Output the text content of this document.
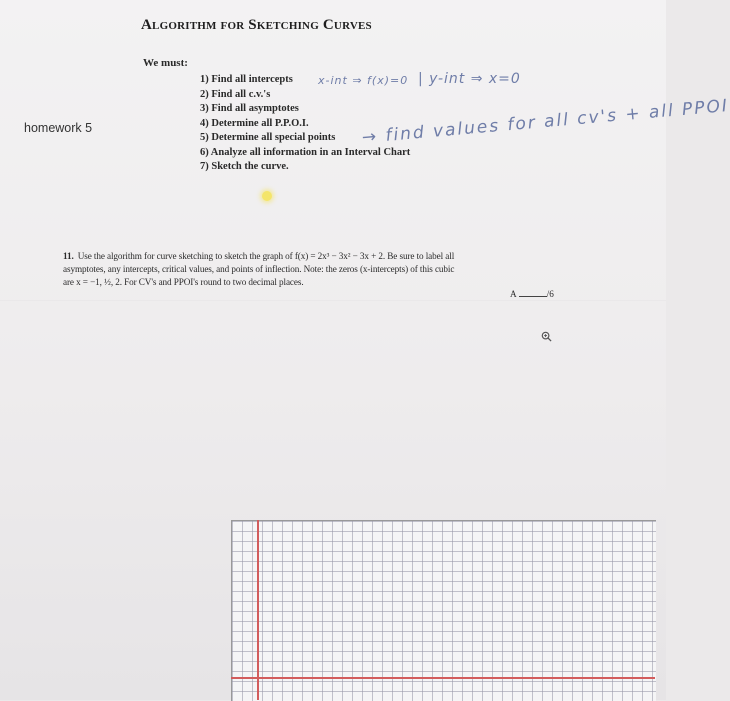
Algorithm for Sketching Curves
We must:
1) Find all intercepts
2) Find all c.v.'s
3) Find all asymptotes
4) Determine all P.P.O.I.
5) Determine all special points
6) Analyze all information in an Interval Chart
7) Sketch the curve.
homework 5
x-int ⇒ f(x)=0 | y-int ⇒ x=0
→ find values for all cv's + all PPOI
11. Use the algorithm for curve sketching to sketch the graph of f(x) = 2x³ − 3x² − 3x + 2. Be sure to label all
asymptotes, any intercepts, critical values, and points of inflection. Note: the zeros (x-intercepts) of this cubic
are x = −1, ½, 2. For CV's and PPOI's round to two decimal places.
A	/6
